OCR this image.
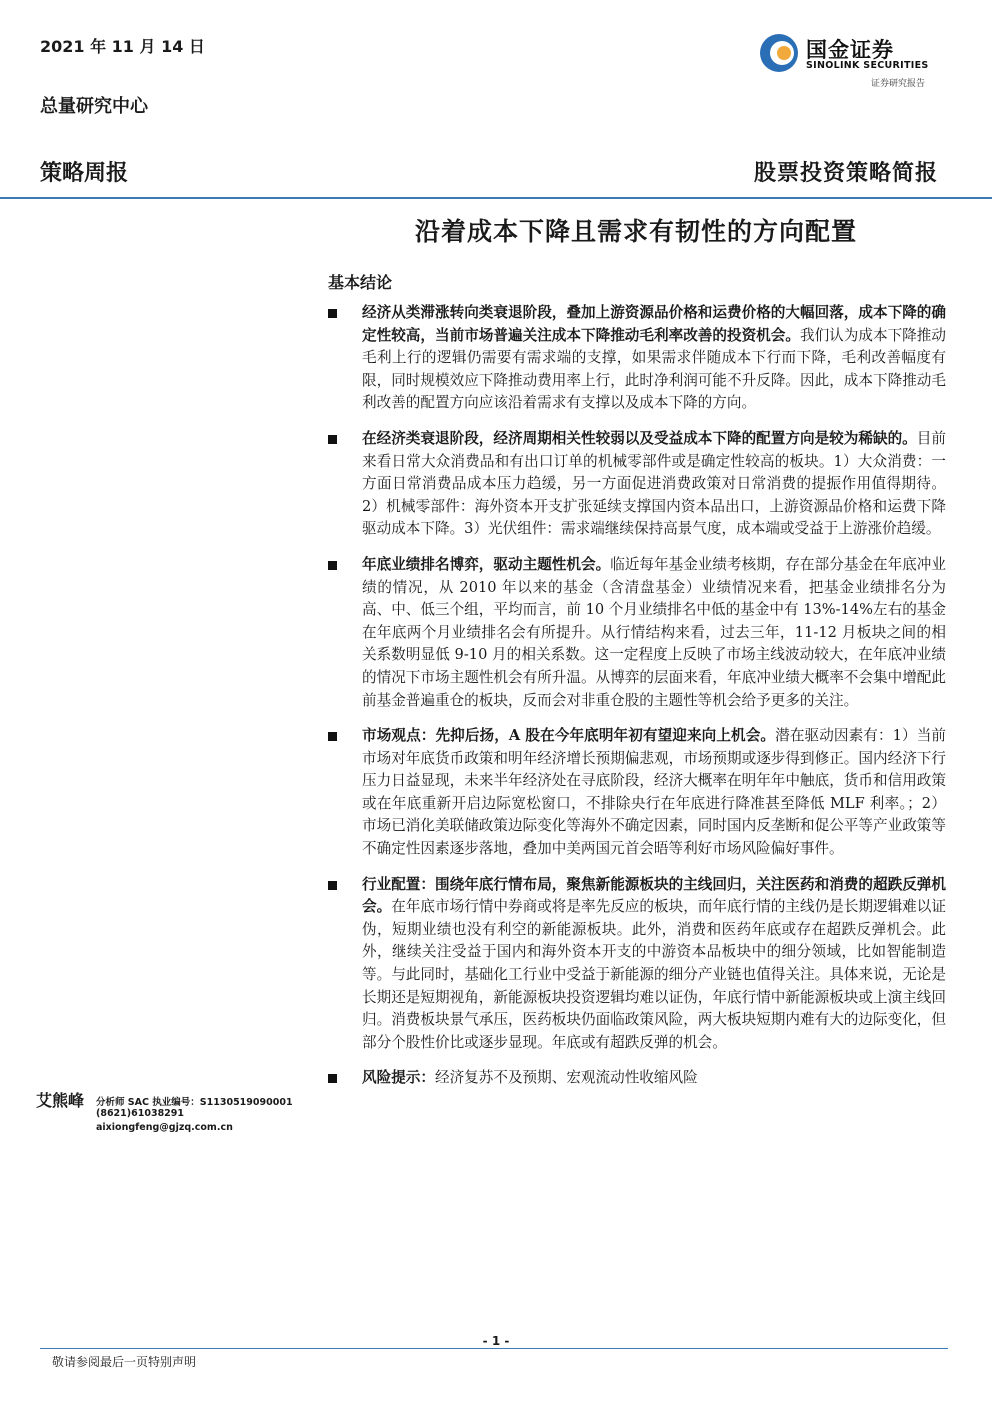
2021 年 11 月 14 日
总量研究中心
国金证券
SINOLINK SECURITIES
证券研究报告
策略周报	股票投资策略简报
沿着成本下降且需求有韧性的方向配置
基本结论
经济从类滞涨转向类衰退阶段，叠加上游资源品价格和运费价格的大幅回落，成本下降的确定性较高，当前市场普遍关注成本下降推动毛利率改善的投资机会。我们认为成本下降推动毛利上行的逻辑仍需要有需求端的支撑，如果需求伴随成本下行而下降，毛利改善幅度有限，同时规模效应下降推动费用率上行，此时净利润可能不升反降。因此，成本下降推动毛利改善的配置方向应该沿着需求有支撑以及成本下降的方向。
在经济类衰退阶段，经济周期相关性较弱以及受益成本下降的配置方向是较为稀缺的。目前来看日常大众消费品和有出口订单的机械零部件或是确定性较高的板块。1）大众消费：一方面日常消费品成本压力趋缓，另一方面促进消费政策对日常消费的提振作用值得期待。2）机械零部件：海外资本开支扩张延续支撑国内资本品出口，上游资源品价格和运费下降驱动成本下降。3）光伏组件：需求端继续保持高景气度，成本端或受益于上游涨价趋缓。
年底业绩排名博弈，驱动主题性机会。临近每年基金业绩考核期，存在部分基金在年底冲业绩的情况，从 2010 年以来的基金（含清盘基金）业绩情况来看，把基金业绩排名分为高、中、低三个组，平均而言，前 10 个月业绩排名中低的基金中有 13%-14%左右的基金在年底两个月业绩排名会有所提升。从行情结构来看，过去三年，11-12 月板块之间的相关系数明显低 9-10 月的相关系数。这一定程度上反映了市场主线波动较大，在年底冲业绩的情况下市场主题性机会有所升温。从博弈的层面来看，年底冲业绩大概率不会集中增配此前基金普遍重仓的板块，反而会对非重仓股的主题性等机会给予更多的关注。
市场观点：先抑后扬，A 股在今年底明年初有望迎来向上机会。潜在驱动因素有：1）当前市场对年底货币政策和明年经济增长预期偏悲观，市场预期或逐步得到修正。国内经济下行压力日益显现，未来半年经济处在寻底阶段，经济大概率在明年年中触底，货币和信用政策或在年底重新开启边际宽松窗口，不排除央行在年底进行降准甚至降低 MLF 利率。；2）市场已消化美联储政策边际变化等海外不确定因素，同时国内反垄断和促公平等产业政策等不确定性因素逐步落地，叠加中美两国元首会晤等利好市场风险偏好事件。
行业配置：围绕年底行情布局，聚焦新能源板块的主线回归，关注医药和消费的超跌反弹机会。在年底市场行情中券商或将是率先反应的板块，而年底行情的主线仍是长期逻辑难以证伪，短期业绩也没有利空的新能源板块。此外，消费和医药年底或存在超跌反弹机会。此外，继续关注受益于国内和海外资本开支的中游资本品板块中的细分领域，比如智能制造等。与此同时，基础化工行业中受益于新能源的细分产业链也值得关注。具体来说，无论是长期还是短期视角，新能源板块投资逻辑均难以证伪，年底行情中新能源板块或上演主线回归。消费板块景气承压，医药板块仍面临政策风险，两大板块短期内难有大的边际变化，但部分个股性价比或逐步显现。年底或有超跌反弹的机会。
风险提示：经济复苏不及预期、宏观流动性收缩风险
艾熊峰 分析师 SAC 执业编号：S1130519090001
(8621)61038291
aixiongfeng@gjzq.com.cn
- 1 -
敬请参阅最后一页特别声明
